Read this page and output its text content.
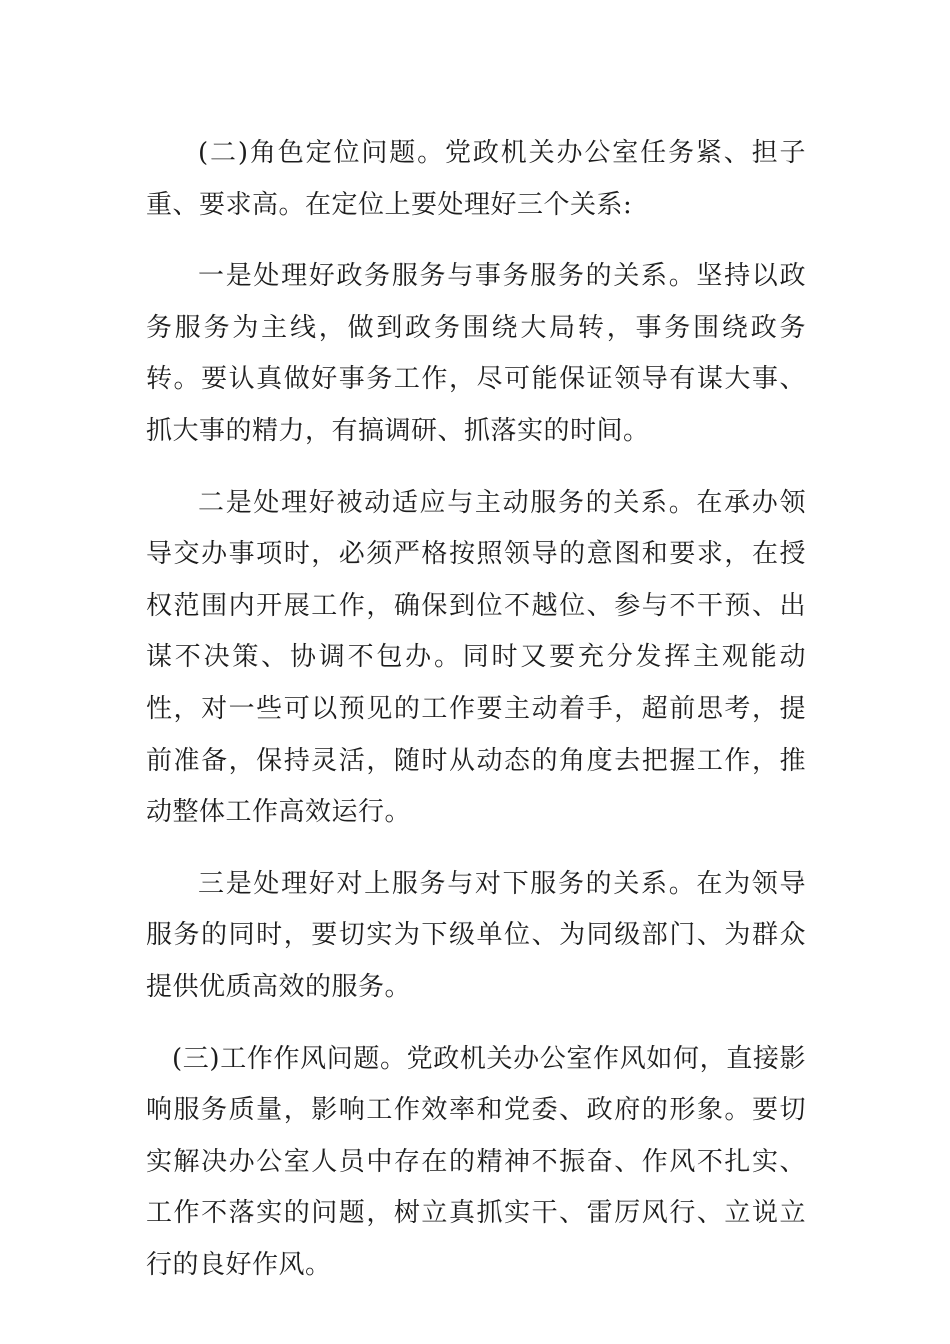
(二)角色定位问题。党政机关办公室任务紧、担子重、要求高。在定位上要处理好三个关系:

一是处理好政务服务与事务服务的关系。坚持以政务服务为主线，做到政务围绕大局转，事务围绕政务转。要认真做好事务工作，尽可能保证领导有谋大事、抓大事的精力，有搞调研、抓落实的时间。

二是处理好被动适应与主动服务的关系。在承办领导交办事项时，必须严格按照领导的意图和要求，在授权范围内开展工作，确保到位不越位、参与不干预、出谋不决策、协调不包办。同时又要充分发挥主观能动性，对一些可以预见的工作要主动着手，超前思考，提前准备，保持灵活，随时从动态的角度去把握工作，推动整体工作高效运行。

三是处理好对上服务与对下服务的关系。在为领导服务的同时，要切实为下级单位、为同级部门、为群众提供优质高效的服务。

(三)工作作风问题。党政机关办公室作风如何，直接影响服务质量，影响工作效率和党委、政府的形象。要切实解决办公室人员中存在的精神不振奋、作风不扎实、工作不落实的问题，树立真抓实干、雷厉风行、立说立行的良好作风。
